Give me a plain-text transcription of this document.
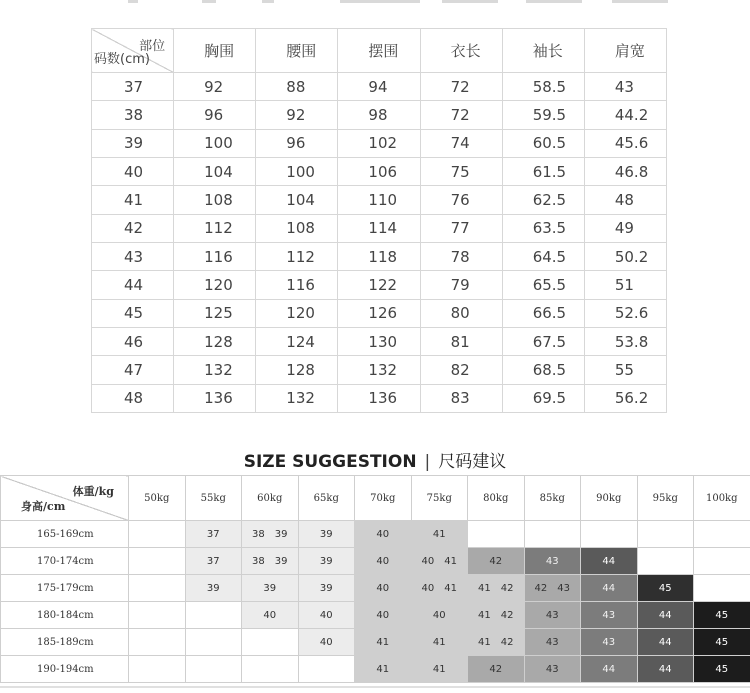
部位
码数(cm)	胸围	腰围	摆围	衣长	袖长	肩宽
37	92	88	94	72	58.5	43
38	96	92	98	72	59.5	44.2
39	100	96	102	74	60.5	45.6
40	104	100	106	75	61.5	46.8
41	108	104	110	76	62.5	48
42	112	108	114	77	63.5	49
43	116	112	118	78	64.5	50.2
44	120	116	122	79	65.5	51
45	125	120	126	80	66.5	52.6
46	128	124	130	81	67.5	53.8
47	132	128	132	82	68.5	55
48	136	132	136	83	69.5	56.2
SIZE SUGGESTION | 尺码建议
体重/kg
身高/cm	50kg	55kg	60kg	65kg	70kg	75kg	80kg	85kg	90kg	95kg	100kg
165-169cm		37	38 39	39	40	41					
170-174cm		37	38 39	39	40	40 41	42	43	44		
175-179cm		39	39	39	40	40 41	41 42	42 43	44	45	
180-184cm			40	40	40	40	41 42	43	43	44	45
185-189cm				40	41	41	41 42	43	43	44	45
190-194cm					41	41	42	43	44	44	45
